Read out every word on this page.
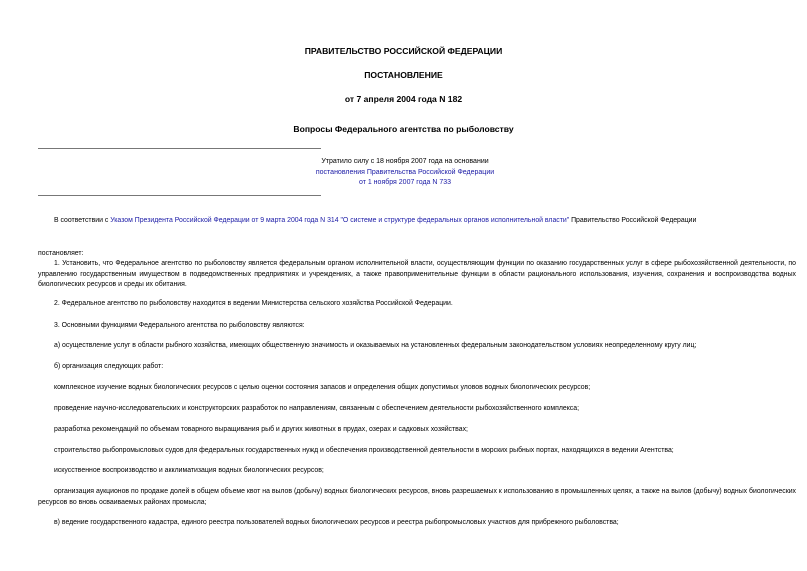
ПРАВИТЕЛЬСТВО РОССИЙСКОЙ ФЕДЕРАЦИИ
ПОСТАНОВЛЕНИЕ
от 7 апреля 2004 года N 182
Вопросы Федерального агентства по рыболовству
Утратило силу с 18 ноября 2007 года на основании
постановления Правительства Российской Федерации
от 1 ноября 2007 года N 733
В соответствии с Указом Президента Российской Федерации от 9 марта 2004 года N 314 "О системе и структуре федеральных органов исполнительной власти" Правительство Российской Федерации
постановляет:
1. Установить, что Федеральное агентство по рыболовству является федеральным органом исполнительной власти, осуществляющим функции по оказанию государственных услуг в сфере рыбохозяйственной деятельности, по управлению государственным имуществом в подведомственных предприятиях и учреждениях, а также правоприменительные функции в области рационального использования, изучения, сохранения и воспроизводства водных биологических ресурсов и среды их обитания.
2. Федеральное агентство по рыболовству находится в ведении Министерства сельского хозяйства Российской Федерации.
3. Основными функциями Федерального агентства по рыболовству являются:
а) осуществление услуг в области рыбного хозяйства, имеющих общественную значимость и оказываемых на установленных федеральным законодательством условиях неопределенному кругу лиц;
б) организация следующих работ:
комплексное изучение водных биологических ресурсов с целью оценки состояния запасов и определения общих допустимых уловов водных биологических ресурсов;
проведение научно-исследовательских и конструкторских разработок по направлениям, связанным с обеспечением деятельности рыбохозяйственного комплекса;
разработка рекомендаций по объемам товарного выращивания рыб и других животных в прудах, озерах и садковых хозяйствах;
строительство рыбопромысловых судов для федеральных государственных нужд и обеспечения производственной деятельности в морских рыбных портах, находящихся в ведении Агентства;
искусственное воспроизводство и акклиматизация водных биологических ресурсов;
организация аукционов по продаже долей в общем объеме квот на вылов (добычу) водных биологических ресурсов, вновь разрешаемых к использованию в промышленных целях, а также на вылов (добычу) водных биологических ресурсов во вновь осваиваемых районах промысла;
в) ведение государственного кадастра, единого реестра пользователей водных биологических ресурсов и реестра рыбопромысловых участков для прибрежного рыболовства;
